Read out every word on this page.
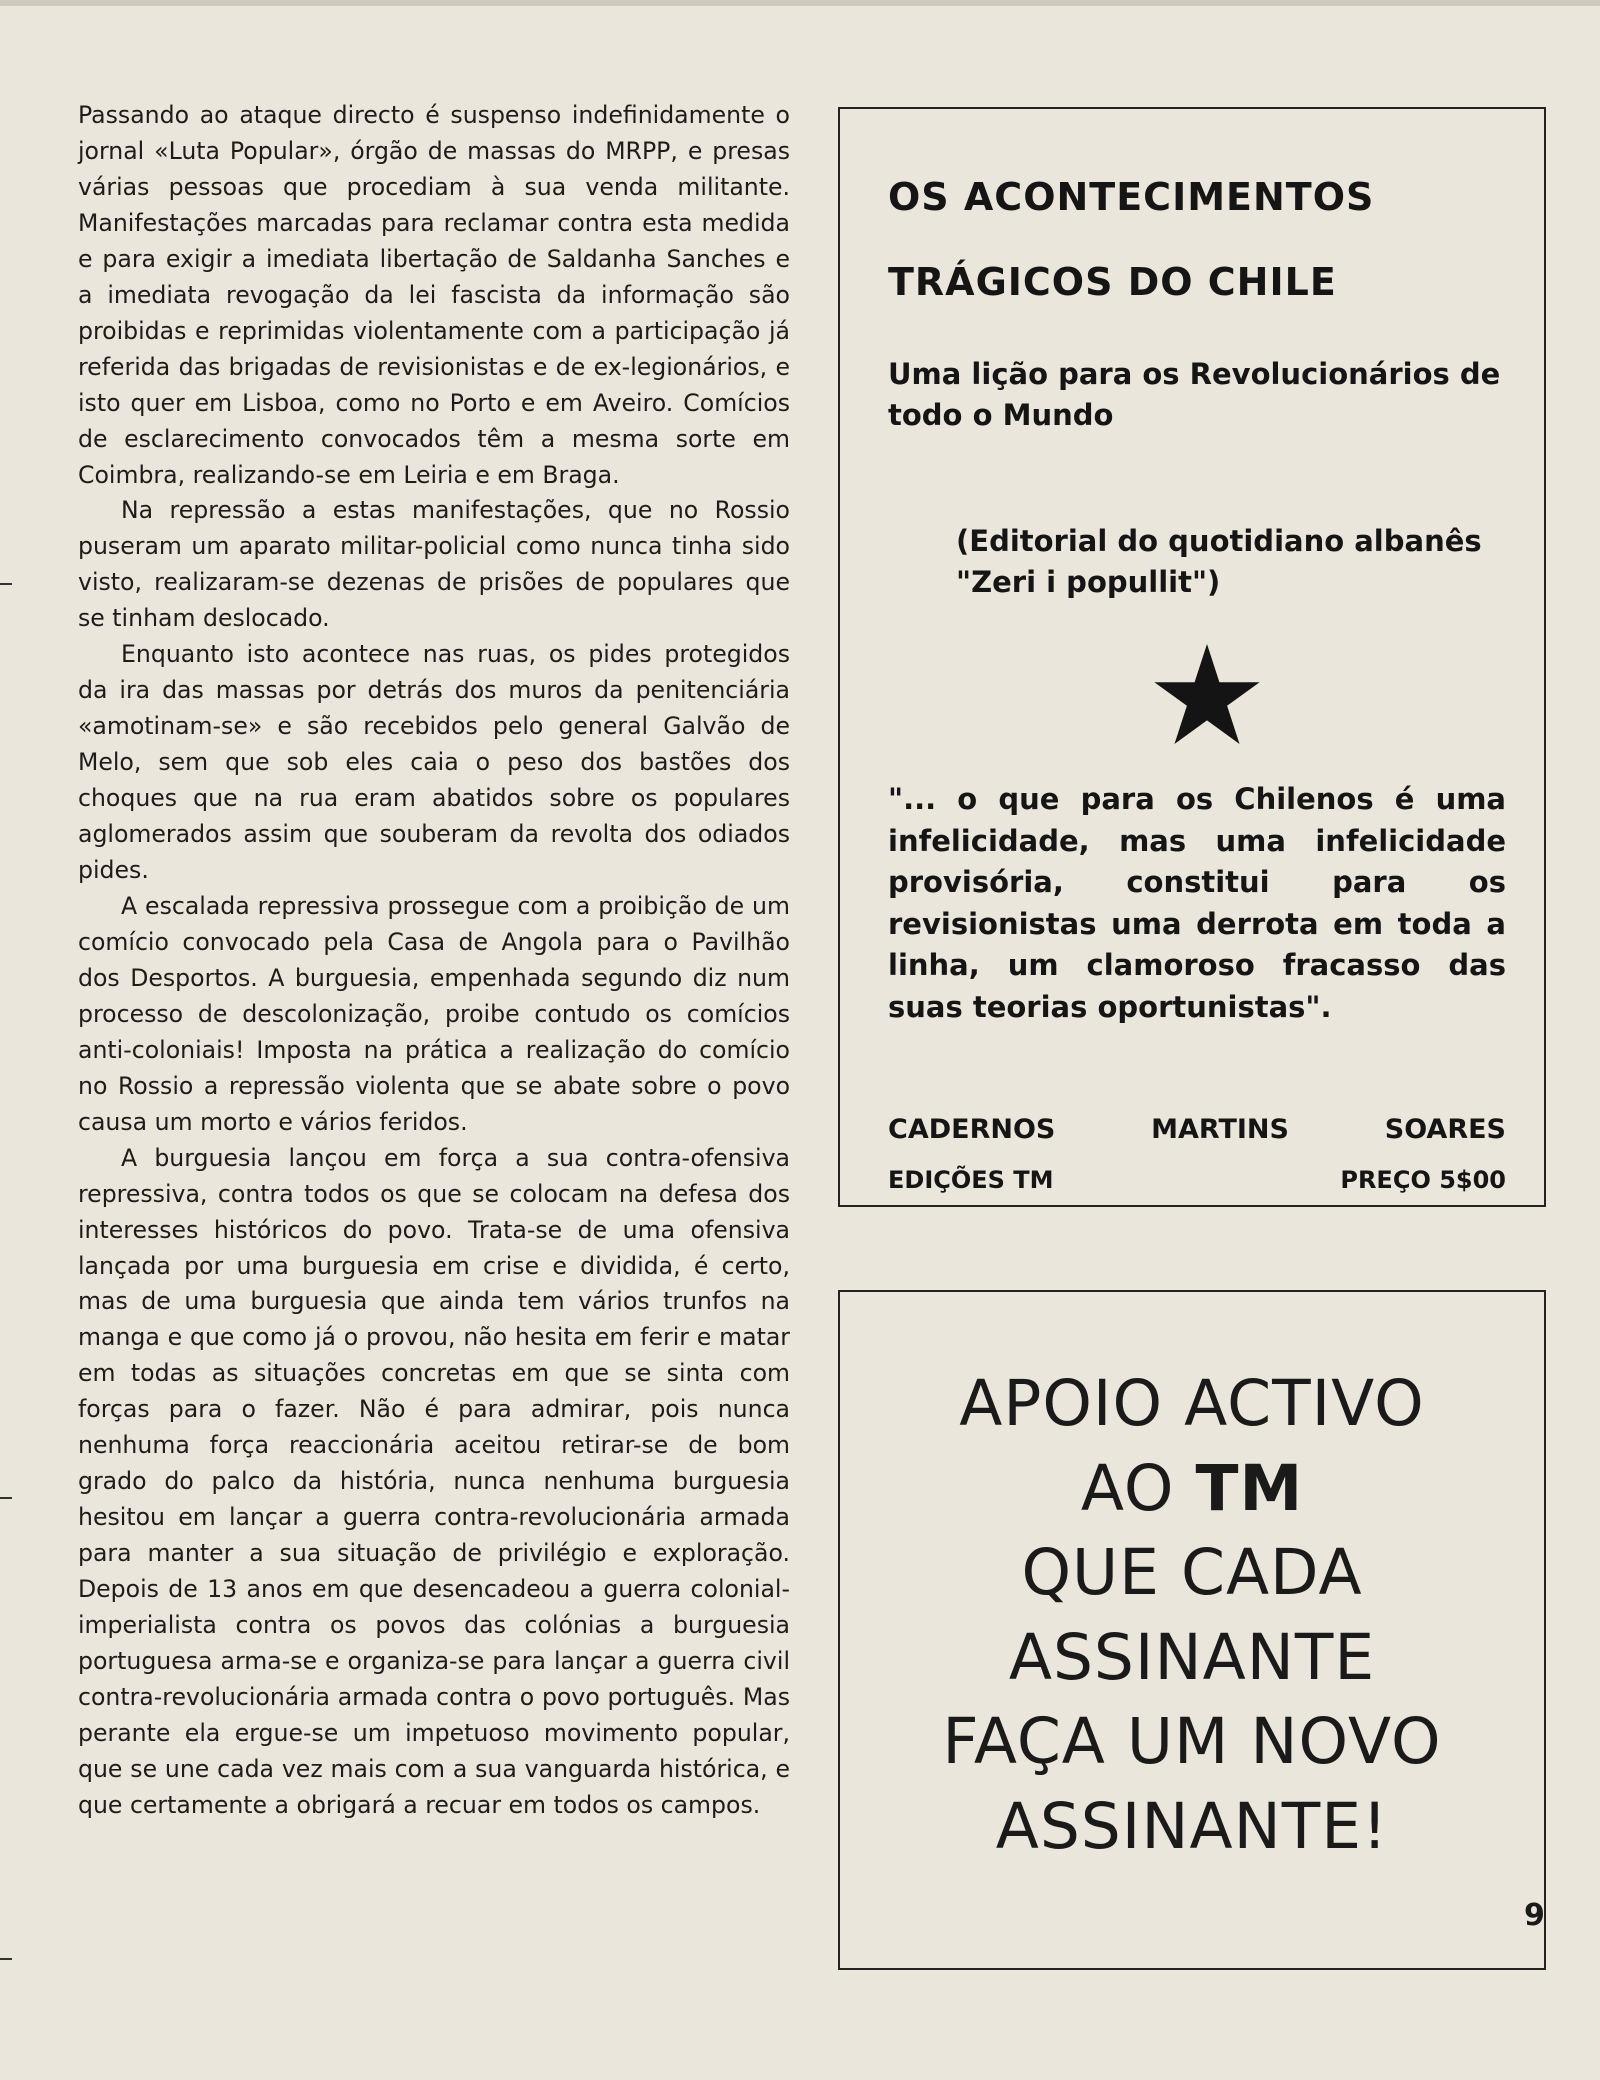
Passando ao ataque directo é suspenso indefinidamente o jornal «Luta Popular», órgão de massas do MRPP, e presas várias pessoas que procediam à sua venda militante. Manifestações marcadas para reclamar contra esta medida e para exigir a imediata libertação de Saldanha Sanches e a imediata revogação da lei fascista da informação são proibidas e reprimidas violentamente com a participação já referida das brigadas de revisionistas e de ex-legionários, e isto quer em Lisboa, como no Porto e em Aveiro. Comícios de esclarecimento convocados têm a mesma sorte em Coimbra, realizando-se em Leiria e em Braga.

Na repressão a estas manifestações, que no Rossio puseram um aparato militar-policial como nunca tinha sido visto, realizaram-se dezenas de prisões de populares que se tinham deslocado.

Enquanto isto acontece nas ruas, os pides protegidos da ira das massas por detrás dos muros da penitenciária «amotinam-se» e são recebidos pelo general Galvão de Melo, sem que sob eles caia o peso dos bastões dos choques que na rua eram abatidos sobre os populares aglomerados assim que souberam da revolta dos odiados pides.

A escalada repressiva prossegue com a proibição de um comício convocado pela Casa de Angola para o Pavilhão dos Desportos. A burguesia, empenhada segundo diz num processo de descolonização, proibe contudo os comícios anti-coloniais! Imposta na prática a realização do comício no Rossio a repressão violenta que se abate sobre o povo causa um morto e vários feridos.

A burguesia lançou em força a sua contra-ofensiva repressiva, contra todos os que se colocam na defesa dos interesses históricos do povo. Trata-se de uma ofensiva lançada por uma burguesia em crise e dividida, é certo, mas de uma burguesia que ainda tem vários trunfos na manga e que como já o provou, não hesita em ferir e matar em todas as situações concretas em que se sinta com forças para o fazer. Não é para admirar, pois nunca nenhuma força reaccionária aceitou retirar-se de bom grado do palco da história, nunca nenhuma burguesia hesitou em lançar a guerra contra-revolucionária armada para manter a sua situação de privilégio e exploração. Depois de 13 anos em que desencadeou a guerra colonial-imperialista contra os povos das colónias a burguesia portuguesa arma-se e organiza-se para lançar a guerra civil contra-revolucionária armada contra o povo português. Mas perante ela ergue-se um impetuoso movimento popular, que se une cada vez mais com a sua vanguarda histórica, e que certamente a obrigará a recuar em todos os campos.

OS ACONTECIMENTOS
TRÁGICOS DO CHILE
Uma lição para os Revolucionários de todo o Mundo
(Editorial do quotidiano albanês "Zeri i popullit")
"... o que para os Chilenos é uma infelicidade, mas uma infelicidade provisória, constitui para os revisionistas uma derrota em toda a linha, um clamoroso fracasso das suas teorias oportunistas".
CADERNOS	MARTINS	SOARES
EDIÇÕES TM	PREÇO 5$00
APOIO ACTIVO
AO TM
QUE CADA
ASSINANTE
FAÇA UM NOVO
ASSINANTE!
9
